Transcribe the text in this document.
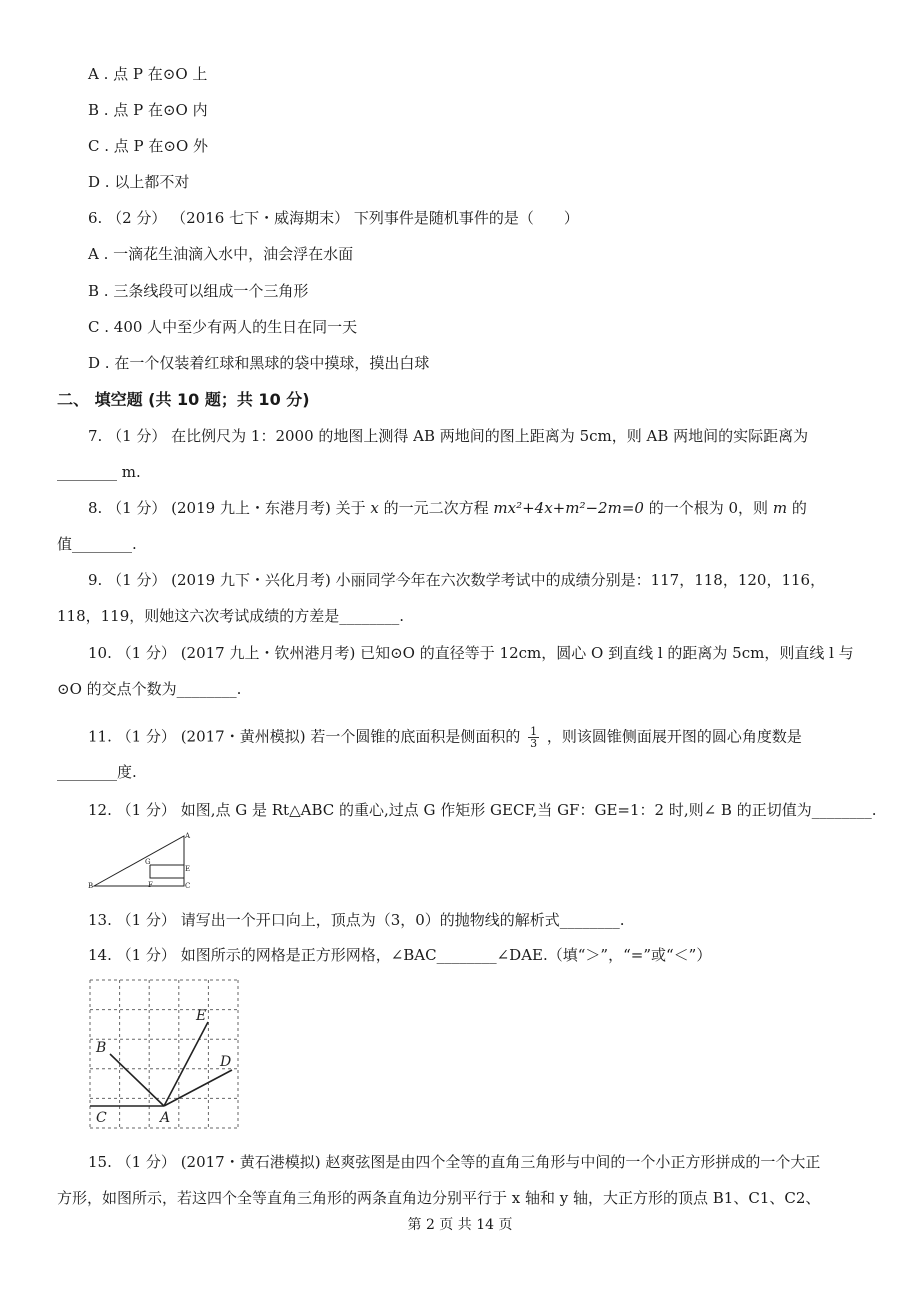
A . 点 P 在⊙O 上
B . 点 P 在⊙O 内
C . 点 P 在⊙O 外
D . 以上都不对
6. （2 分） （2016 七下・威海期末） 下列事件是随机事件的是（　　）
A . 一滴花生油滴入水中，油会浮在水面
B . 三条线段可以组成一个三角形
C . 400 人中至少有两人的生日在同一天
D . 在一个仅装着红球和黑球的袋中摸球，摸出白球
二、 填空题 (共 10 题；共 10 分)
7. （1 分） 在比例尺为 1：2000 的地图上测得 AB 两地间的图上距离为 5cm，则 AB 两地间的实际距离为
________ m.
8. （1 分） (2019 九上・东港月考) 关于 x 的一元二次方程 mx²+4x+m²−2m=0 的一个根为 0，则 m 的
值________.
9. （1 分） (2019 九下・兴化月考) 小丽同学今年在六次数学考试中的成绩分别是：117，118，120，116，
118，119，则她这六次考试成绩的方差是________.
10. （1 分） (2017 九上・钦州港月考) 已知⊙O 的直径等于 12cm，圆心 O 到直线 l 的距离为 5cm，则直线 l 与
⊙O 的交点个数为________.
11. （1 分） (2017・黄州模拟) 若一个圆锥的底面积是侧面积的 $\frac{1}{3}$ ，则该圆锥侧面展开图的圆心角度数是
________度.
12. （1 分） 如图,点 G 是 Rt△ABC 的重心,过点 G 作矩形 GECF,当 GF：GE=1：2 时,则∠ B 的正切值为________.
A
B	C
E
F
G
13. （1 分） 请写出一个开口向上，顶点为（3，0）的抛物线的解析式________.
14. （1 分） 如图所示的网格是正方形网格，∠BAC________∠DAE.（填“＞”，“=”或“＜”）
A
B
C
D
E
15. （1 分） (2017・黄石港模拟) 赵爽弦图是由四个全等的直角三角形与中间的一个小正方形拼成的一个大正
方形，如图所示，若这四个全等直角三角形的两条直角边分别平行于 x 轴和 y 轴，大正方形的顶点 B1、C1、C2、
第 2 页 共 14 页
